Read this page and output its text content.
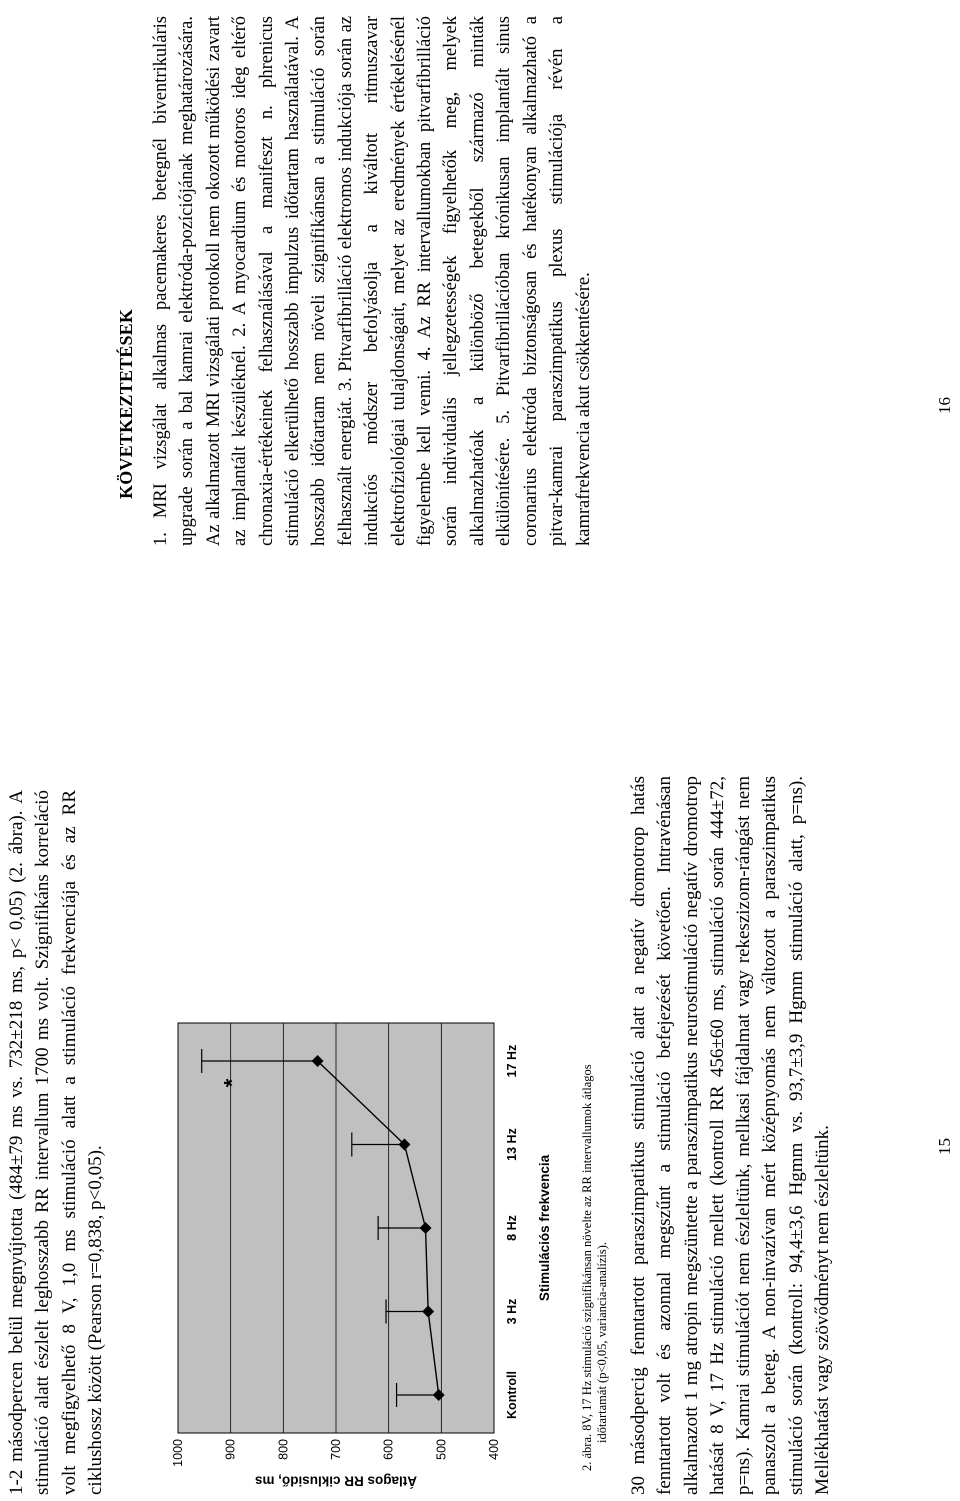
1-2 másodpercen belül megnyújtotta (484±79 ms vs. 732±218 ms, p< 0,05) (2. ábra). A stimuláció alatt észlelt leghosszabb RR intervallum 1700 ms volt. Szignifikáns korreláció volt megfigyelhető 8 V, 1,0 ms stimuláció alatt a stimuláció frekvenciája és az RR ciklushossz között (Pearson r=0,838, p<0,05).	400
500
600
700
800
900
1000
Kontroll
3 Hz
8 Hz
13 Hz
17 Hz
*
Stimulációs frekvencia
Átlagos RR ciklusidő, ms

2. ábra. 8V, 17 Hz stimuláció szignifikánsan növelte az RR intervallumok átlagos időtartamát (p<0,05, variancia-analízis). 30 másodpercig fenntartott paraszimpatikus stimuláció alatt a negatív dromotrop hatás fenntartott volt és azonnal megszűnt a stimuláció befejezését követően. Intravénásan alkalmazott 1 mg atropin megszüntette a paraszimpatikus neurostimuláció negatív dromotrop hatását 8 V, 17 Hz stimuláció mellett (kontroll RR 456±60 ms, stimuláció során 444±72, p=ns). Kamrai stimulációt nem észleltünk, mellkasi fájdalmat vagy rekeszizom-rángást nem panaszolt a beteg. A non-invazívan mért középnyomás nem változott a paraszimpatikus stimuláció során (kontroll: 94,4±3,6 Hgmm vs. 93,7±3,9 Hgmm stimuláció alatt, p=ns). Mellékhatást vagy szövődményt nem észleltünk.	15
KÖVETKEZTETÉSEK 1. MRI vizsgálat alkalmas pacemakeres betegnél biventrikuláris upgrade során a bal kamrai elektróda-pozíciójának meghatározására. Az alkalmazott MRI vizsgálati protokoll nem okozott működési zavart az implantált készüléknél. 2. A myocardium és motoros ideg eltérő chronaxia-értékeinek felhasználásával a manifeszt n. phrenicus stimuláció elkerülhető hosszabb impulzus időtartam használatával. A hosszabb időtartam nem növeli szignifikánsan a stimuláció során felhasznált energiát. 3. Pitvarfibrilláció elektromos indukciója során az indukciós módszer befolyásolja a kiváltott ritmuszavar elektrofiziológiai tulajdonságait, melyet az eredmények értékelésénél figyelembe kell venni. 4. Az RR intervallumokban pitvarfibrilláció során individuális jellegzetességek figyelhetők meg, melyek alkalmazhatóak a különböző betegekből származó minták elkülönítésére. 5. Pitvarfibrillációban krónikusan implantált sinus coronarius elektróda biztonságosan és hatékonyan alkalmazható a pitvar-kamrai paraszimpatikus plexus stimulációja révén a kamrafrekvencia akut csökkentésére.	16
